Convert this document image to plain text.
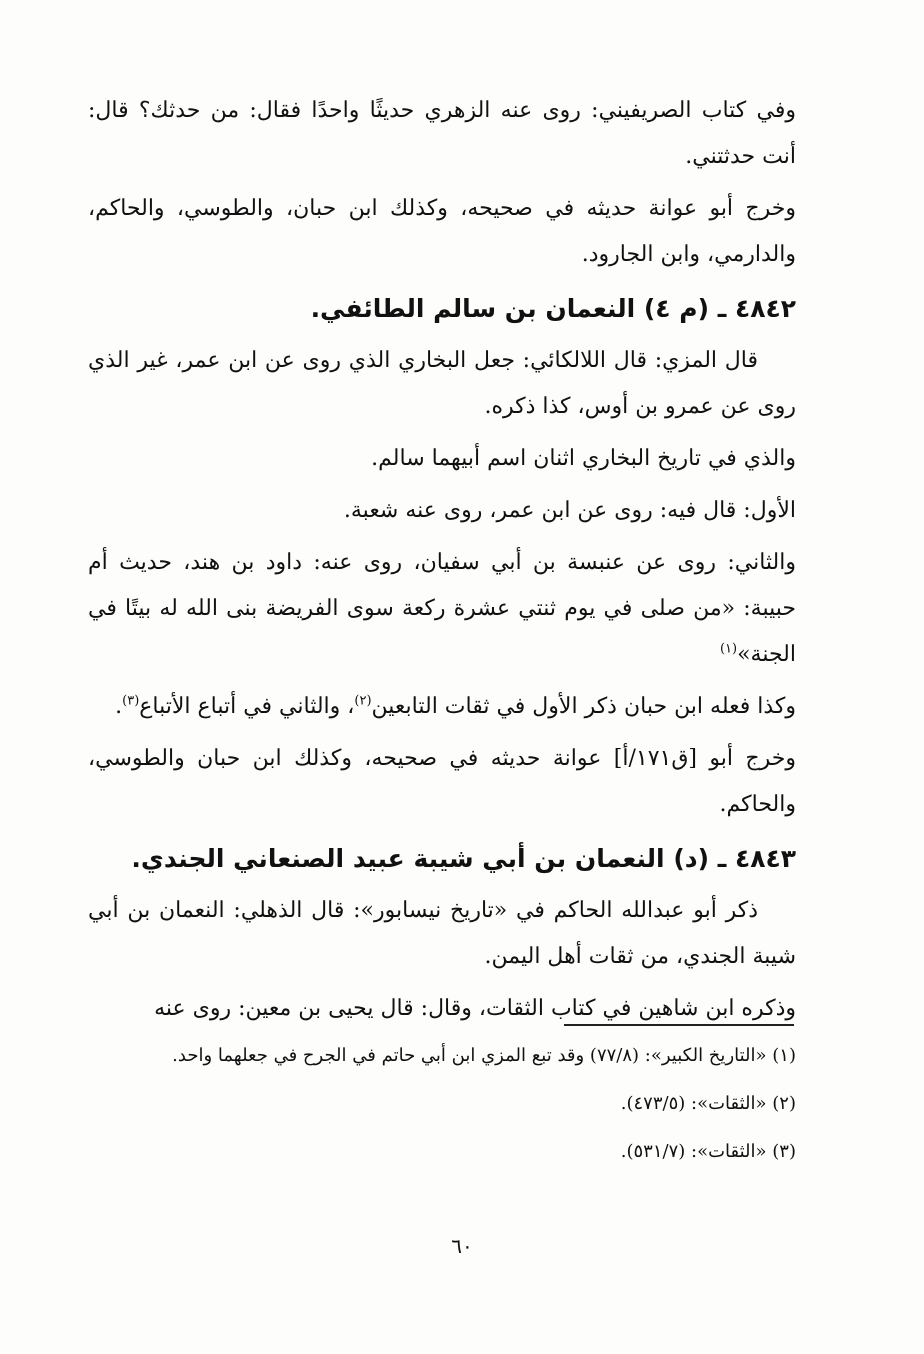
وفي كتاب الصريفيني: روى عنه الزهري حديثًا واحدًا فقال: من حدثك؟ قال: أنت حدثتني.

وخرج أبو عوانة حديثه في صحيحه، وكذلك ابن حبان، والطوسي، والحاكم، والدارمي، وابن الجارود.

٤٨٤٢ ـ (م ٤) النعمان بن سالم الطائفي.

قال المزي: قال اللالكائي: جعل البخاري الذي روى عن ابن عمر، غير الذي روى عن عمرو بن أوس، كذا ذكره.

والذي في تاريخ البخاري اثنان اسم أبيهما سالم.

الأول: قال فيه: روى عن ابن عمر، روى عنه شعبة.

والثاني: روى عن عنبسة بن أبي سفيان، روى عنه: داود بن هند، حديث أم حبيبة: «من صلى في يوم ثنتي عشرة ركعة سوى الفريضة بنى الله له بيتًا في الجنة»$^{(١)}$

وكذا فعله ابن حبان ذكر الأول في ثقات التابعين$^{(٢)}$، والثاني في أتباع الأتباع$^{(٣)}$.

وخرج أبو [ق١٧١/أ] عوانة حديثه في صحيحه، وكذلك ابن حبان والطوسي، والحاكم.

٤٨٤٣ ـ (د) النعمان بن أبي شيبة عبيد الصنعاني الجندي.

ذكر أبو عبدالله الحاكم في «تاريخ نيسابور»: قال الذهلي: النعمان بن أبي شيبة الجندي، من ثقات أهل اليمن.

وذكره ابن شاهين في كتاب الثقات، وقال: قال يحيى بن معين: روى عنه

(١) «التاريخ الكبير»: (٧٧/٨) وقد تبع المزي ابن أبي حاتم في الجرح في جعلهما واحد.

(٢) «الثقات»: (٤٧٣/٥).

(٣) «الثقات»: (٥٣١/٧).

٦٠
